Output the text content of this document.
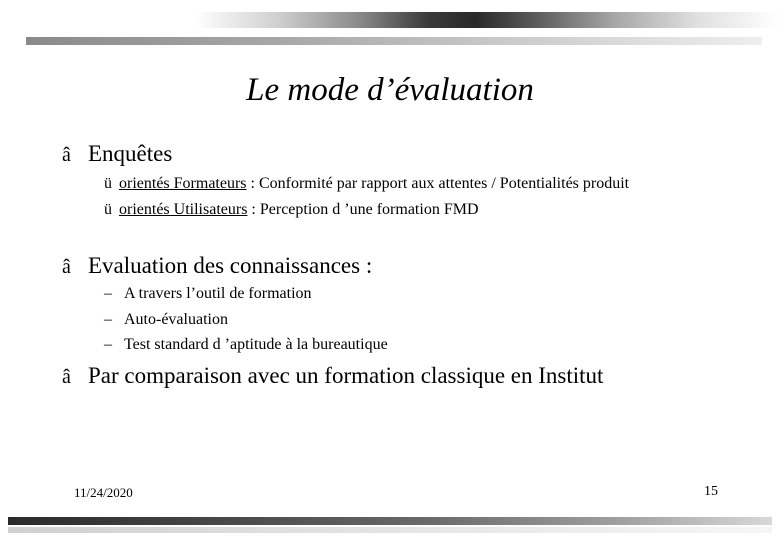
Le mode d’évaluation
â Enquêtes
ü orientés Formateurs : Conformité par rapport aux attentes / Potentialités produit
ü orientés Utilisateurs : Perception d ’une formation FMD
â Evaluation des connaissances :
– A travers l’outil de formation
– Auto-évaluation
– Test standard d ’aptitude à la bureautique
â Par comparaison avec un formation classique en Institut
11/24/2020	15
